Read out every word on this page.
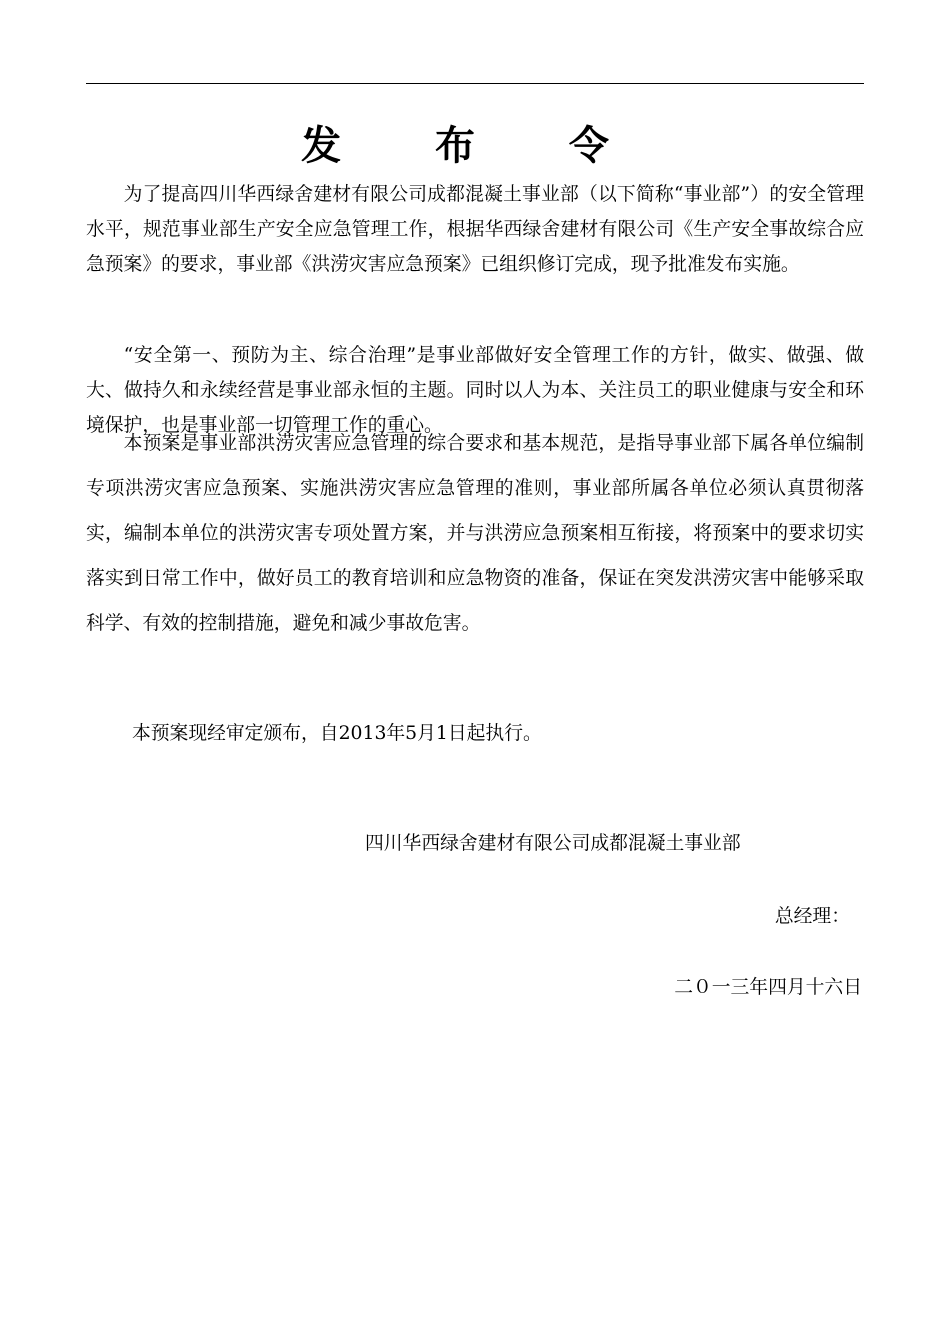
发 布 令

为了提高四川华西绿舍建材有限公司成都混凝土事业部（以下简称“事业部”）的安全管理水平，规范事业部生产安全应急管理工作，根据华西绿舍建材有限公司《生产安全事故综合应急预案》的要求，事业部《洪涝灾害应急预案》已组织修订完成，现予批准发布实施。

“安全第一、预防为主、综合治理”是事业部做好安全管理工作的方针，做实、做强、做大、做持久和永续经营是事业部永恒的主题。同时以人为本、关注员工的职业健康与安全和环境保护，也是事业部一切管理工作的重心。

本预案是事业部洪涝灾害应急管理的综合要求和基本规范，是指导事业部下属各单位编制专项洪涝灾害应急预案、实施洪涝灾害应急管理的准则，事业部所属各单位必须认真贯彻落实，编制本单位的洪涝灾害专项处置方案，并与洪涝应急预案相互衔接，将预案中的要求切实落实到日常工作中，做好员工的教育培训和应急物资的准备，保证在突发洪涝灾害中能够采取科学、有效的控制措施，避免和减少事故危害。

本预案现经审定颁布，自2013年5月1日起执行。

四川华西绿舍建材有限公司成都混凝土事业部
总经理：
二０一三年四月十六日
